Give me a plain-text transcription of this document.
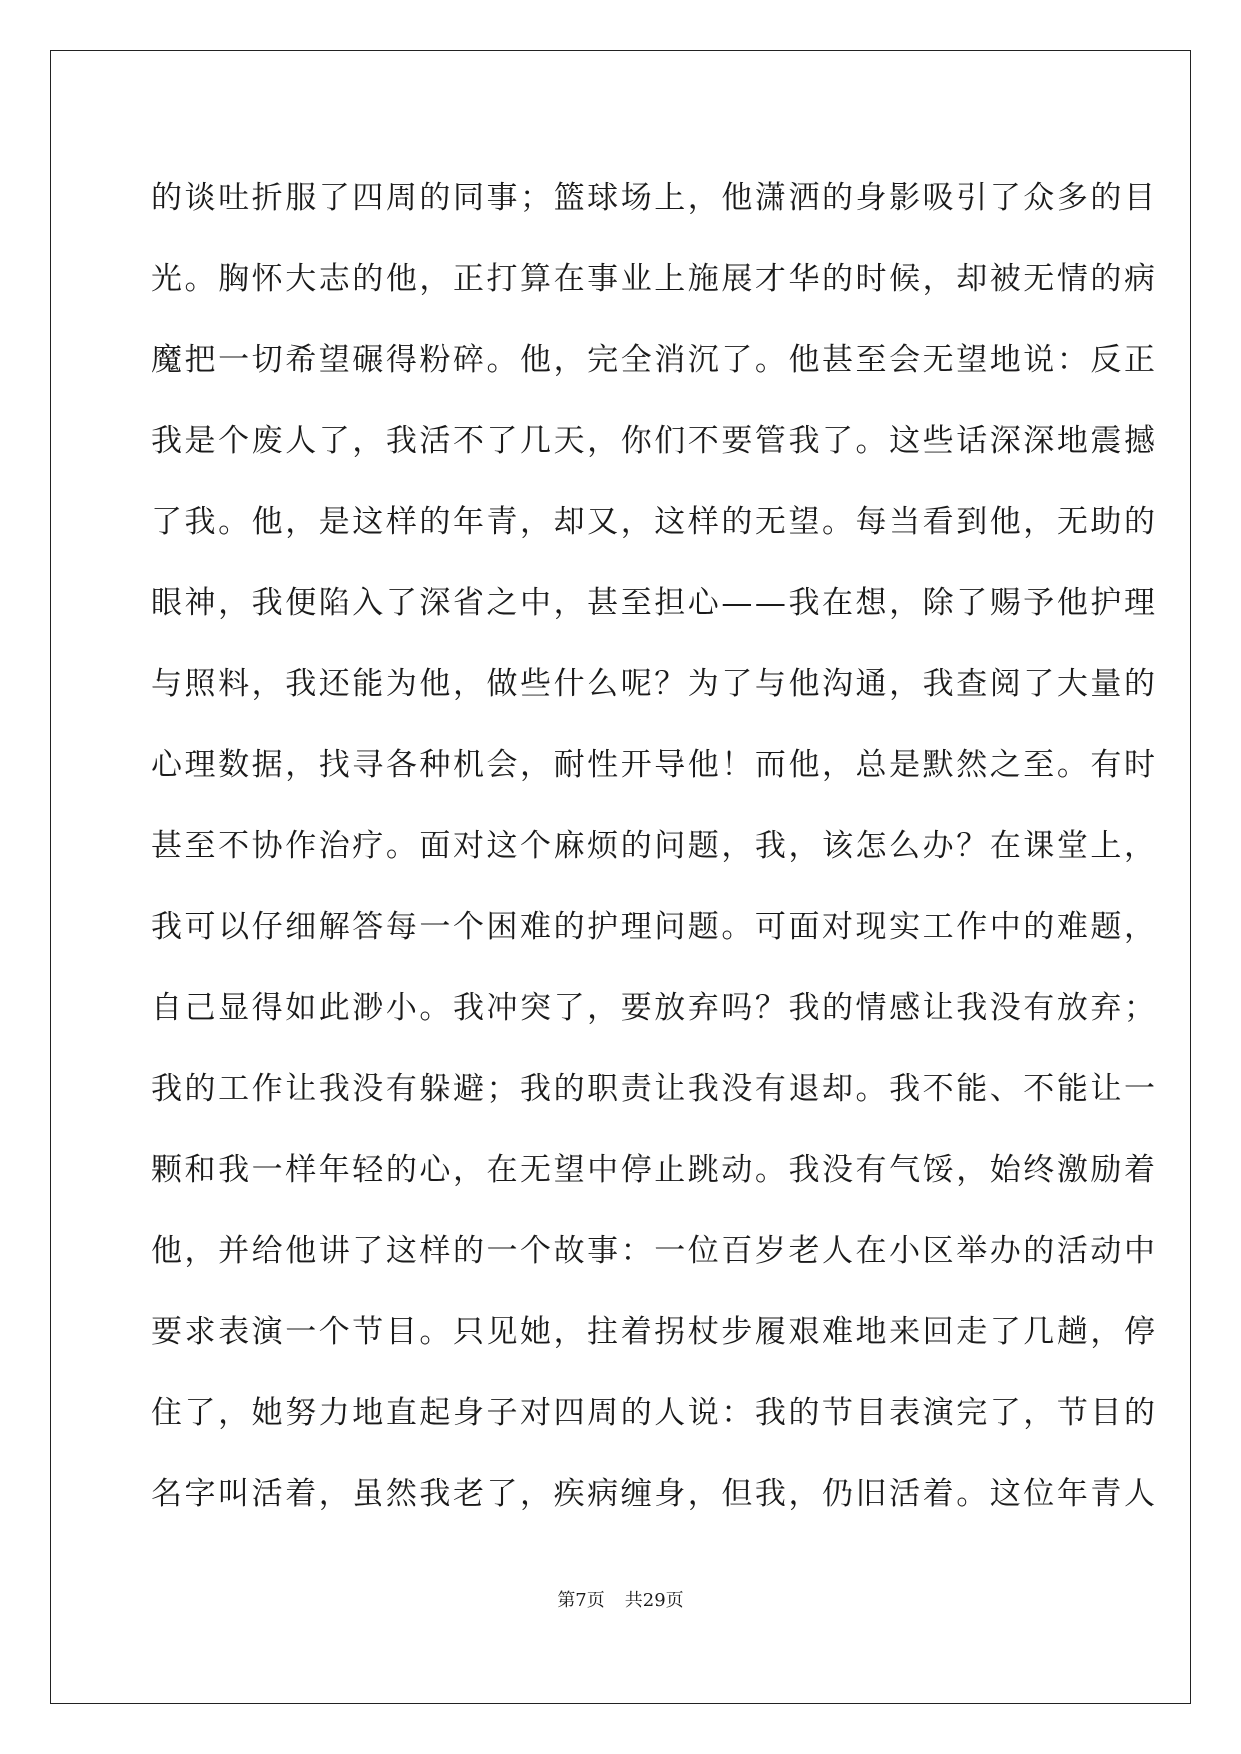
的谈吐折服了四周的同事；篮球场上，他潇洒的身影吸引了众多的目
光。胸怀大志的他，正打算在事业上施展才华的时候，却被无情的病
魔把一切希望碾得粉碎。他，完全消沉了。他甚至会无望地说：反正
我是个废人了，我活不了几天，你们不要管我了。这些话深深地震撼
了我。他，是这样的年青，却又，这样的无望。每当看到他，无助的
眼神，我便陷入了深省之中，甚至担心——我在想，除了赐予他护理
与照料，我还能为他，做些什么呢？为了与他沟通，我查阅了大量的
心理数据，找寻各种机会，耐性开导他！而他，总是默然之至。有时
甚至不协作治疗。面对这个麻烦的问题，我，该怎么办？在课堂上，
我可以仔细解答每一个困难的护理问题。可面对现实工作中的难题，
自己显得如此渺小。我冲突了，要放弃吗？我的情感让我没有放弃；
我的工作让我没有躲避；我的职责让我没有退却。我不能、不能让一
颗和我一样年轻的心，在无望中停止跳动。我没有气馁，始终激励着
他，并给他讲了这样的一个故事：一位百岁老人在小区举办的活动中
要求表演一个节目。只见她，拄着拐杖步履艰难地来回走了几趟，停
住了，她努力地直起身子对四周的人说：我的节目表演完了，节目的
名字叫活着，虽然我老了，疾病缠身，但我，仍旧活着。这位年青人
第7页 共29页
